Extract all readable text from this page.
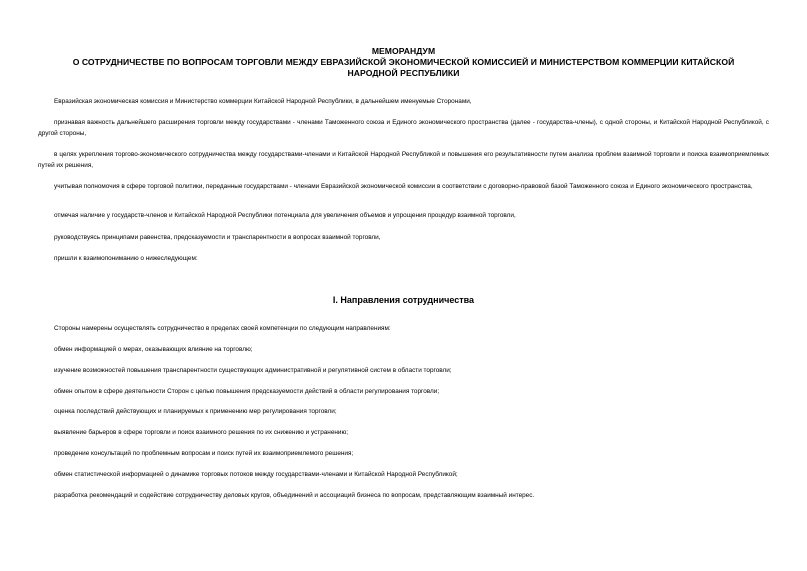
МЕМОРАНДУМ
О СОТРУДНИЧЕСТВЕ ПО ВОПРОСАМ ТОРГОВЛИ МЕЖДУ ЕВРАЗИЙСКОЙ ЭКОНОМИЧЕСКОЙ КОМИССИЕЙ И МИНИСТЕРСТВОМ КОММЕРЦИИ КИТАЙСКОЙ
НАРОДНОЙ РЕСПУБЛИКИ
Евразийская экономическая комиссия и Министерство коммерции Китайской Народной Республики, в дальнейшем именуемые Сторонами,
признавая важность дальнейшего расширения торговли между государствами - членами Таможенного союза и Единого экономического пространства (далее - государства-члены), с одной стороны, и Китайской Народной Республикой, с другой стороны,
в целях укрепления торгово-экономического сотрудничества между государствами-членами и Китайской Народной Республикой и повышения его результативности путем анализа проблем взаимной торговли и поиска взаимоприемлемых путей их решения,
учитывая полномочия в сфере торговой политики, переданные государствами - членами Евразийской экономической комиссии в соответствии с договорно-правовой базой Таможенного союза и Единого экономического пространства,
отмечая наличие у государств-членов и Китайской Народной Республики потенциала для увеличения объемов и упрощения процедур взаимной торговли,
руководствуясь принципами равенства, предсказуемости и транспарентности в вопросах взаимной торговли,
пришли к взаимопониманию о нижеследующем:
I. Направления сотрудничества
Стороны намерены осуществлять сотрудничество в пределах своей компетенции по следующим направлениям:
обмен информацией о мерах, оказывающих влияние на торговлю;
изучение возможностей повышения транспарентности существующих административной и регулятивной систем в области торговли;
обмен опытом в сфере деятельности Сторон с целью повышения предсказуемости действий в области регулирования торговли;
оценка последствий действующих и планируемых к применению мер регулирования торговли;
выявление барьеров в сфере торговли и поиск взаимного решения по их снижению и устранению;
проведение консультаций по проблемным вопросам и поиск путей их взаимоприемлемого решения;
обмен статистической информацией о динамике торговых потоков между государствами-членами и Китайской Народной Республикой;
разработка рекомендаций и содействие сотрудничеству деловых кругов, объединений и ассоциаций бизнеса по вопросам, представляющим взаимный интерес.
